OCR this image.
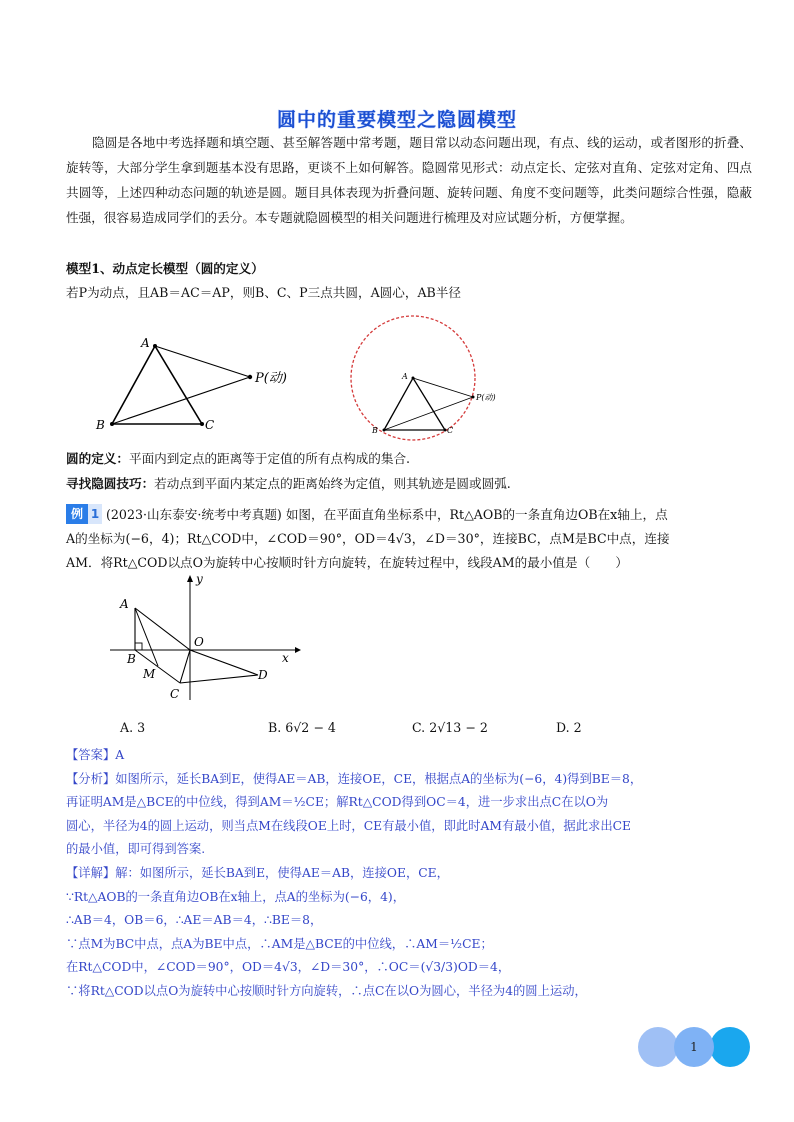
圆中的重要模型之隐圆模型
隐圆是各地中考选择题和填空题、甚至解答题中常考题，题目常以动态问题出现，有点、线的运动，或者图形的折叠、旋转等，大部分学生拿到题基本没有思路，更谈不上如何解答。隐圆常见形式：动点定长、定弦对直角、定弦对定角、四点共圆等，上述四种动态问题的轨迹是圆。题目具体表现为折叠问题、旋转问题、角度不变问题等，此类问题综合性强，隐蔽性强，很容易造成同学们的丢分。本专题就隐圆模型的相关问题进行梳理及对应试题分析，方便掌握。
模型1、动点定长模型（圆的定义）
若P为动点，且AB＝AC＝AP，则B、C、P三点共圆，A圆心，AB半径
A
B	C
P(动)	A
B	C
P(动)
圆的定义：平面内到定点的距离等于定值的所有点构成的集合.
寻找隐圆技巧：若动点到平面内某定点的距离始终为定值，则其轨迹是圆或圆弧.
例 1 (2023·山东泰安·统考中考真题) 如图，在平面直角坐标系中，Rt△AOB的一条直角边OB在x轴上，点
A的坐标为(−6，4)；Rt△COD中，∠COD＝90°，OD＝4√3，∠D＝30°，连接BC，点M是BC中点，连接
AM．将Rt△COD以点O为旋转中心按顺时针方向旋转，在旋转过程中，线段AM的最小值是（　　）
A
B
C
D
M
O
x
y
A. 3	B. 6√2 − 4	C. 2√13 − 2	D. 2
【答案】A
【分析】如图所示，延长BA到E，使得AE＝AB，连接OE，CE，根据点A的坐标为(−6，4)得到BE＝8，
再证明AM是△BCE的中位线，得到AM＝½CE；解Rt△COD得到OC＝4，进一步求出点C在以O为
圆心，半径为4的圆上运动，则当点M在线段OE上时，CE有最小值，即此时AM有最小值，据此求出CE
的最小值，即可得到答案.
【详解】解：如图所示，延长BA到E，使得AE＝AB，连接OE，CE，
∵Rt△AOB的一条直角边OB在x轴上，点A的坐标为(−6，4)，
∴AB＝4，OB＝6，∴AE＝AB＝4，∴BE＝8，
∵点M为BC中点，点A为BE中点，∴AM是△BCE的中位线，∴AM＝½CE；
在Rt△COD中，∠COD＝90°，OD＝4√3，∠D＝30°，∴OC＝(√3/3)OD＝4，
∵将Rt△COD以点O为旋转中心按顺时针方向旋转，∴点C在以O为圆心，半径为4的圆上运动，
1
